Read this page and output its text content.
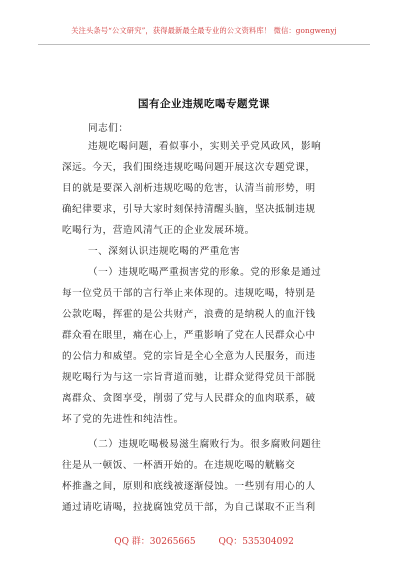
关注头条号“公文研究”，获得最新最全最专业的公文资料库！ 微信：gongwenyj
国有企业违规吃喝专题党课
同志们：
违规吃喝问题，看似事小，实则关乎党风政风，影响
深远。今天，我们围绕违规吃喝问题开展这次专题党课，
目的就是要深入剖析违规吃喝的危害，认清当前形势，明
确纪律要求，引导大家时刻保持清醒头脑，坚决抵制违规
吃喝行为，营造风清气正的企业发展环境。
一、深刻认识违规吃喝的严重危害
（一）违规吃喝严重损害党的形象。党的形象是通过
每一位党员干部的言行举止来体现的。违规吃喝，特别是
公款吃喝，挥霍的是公共财产，浪费的是纳税人的血汗钱
群众看在眼里，痛在心上，严重影响了党在人民群众心中
的公信力和威望。党的宗旨是全心全意为人民服务，而违
规吃喝行为与这一宗旨背道而驰，让群众觉得党员干部脱
离群众、贪图享受，削弱了党与人民群众的血肉联系，破
坏了党的先进性和纯洁性。
（二）违规吃喝极易滋生腐败行为。很多腐败问题往
往是从一顿饭、一杯酒开始的。在违规吃喝的觥觞交
杯推盏之间，原则和底线被逐渐侵蚀。一些别有用心的人
通过请吃请喝，拉拢腐蚀党员干部，为自己谋取不正当利
QQ 群：30265665	QQ：535304092
